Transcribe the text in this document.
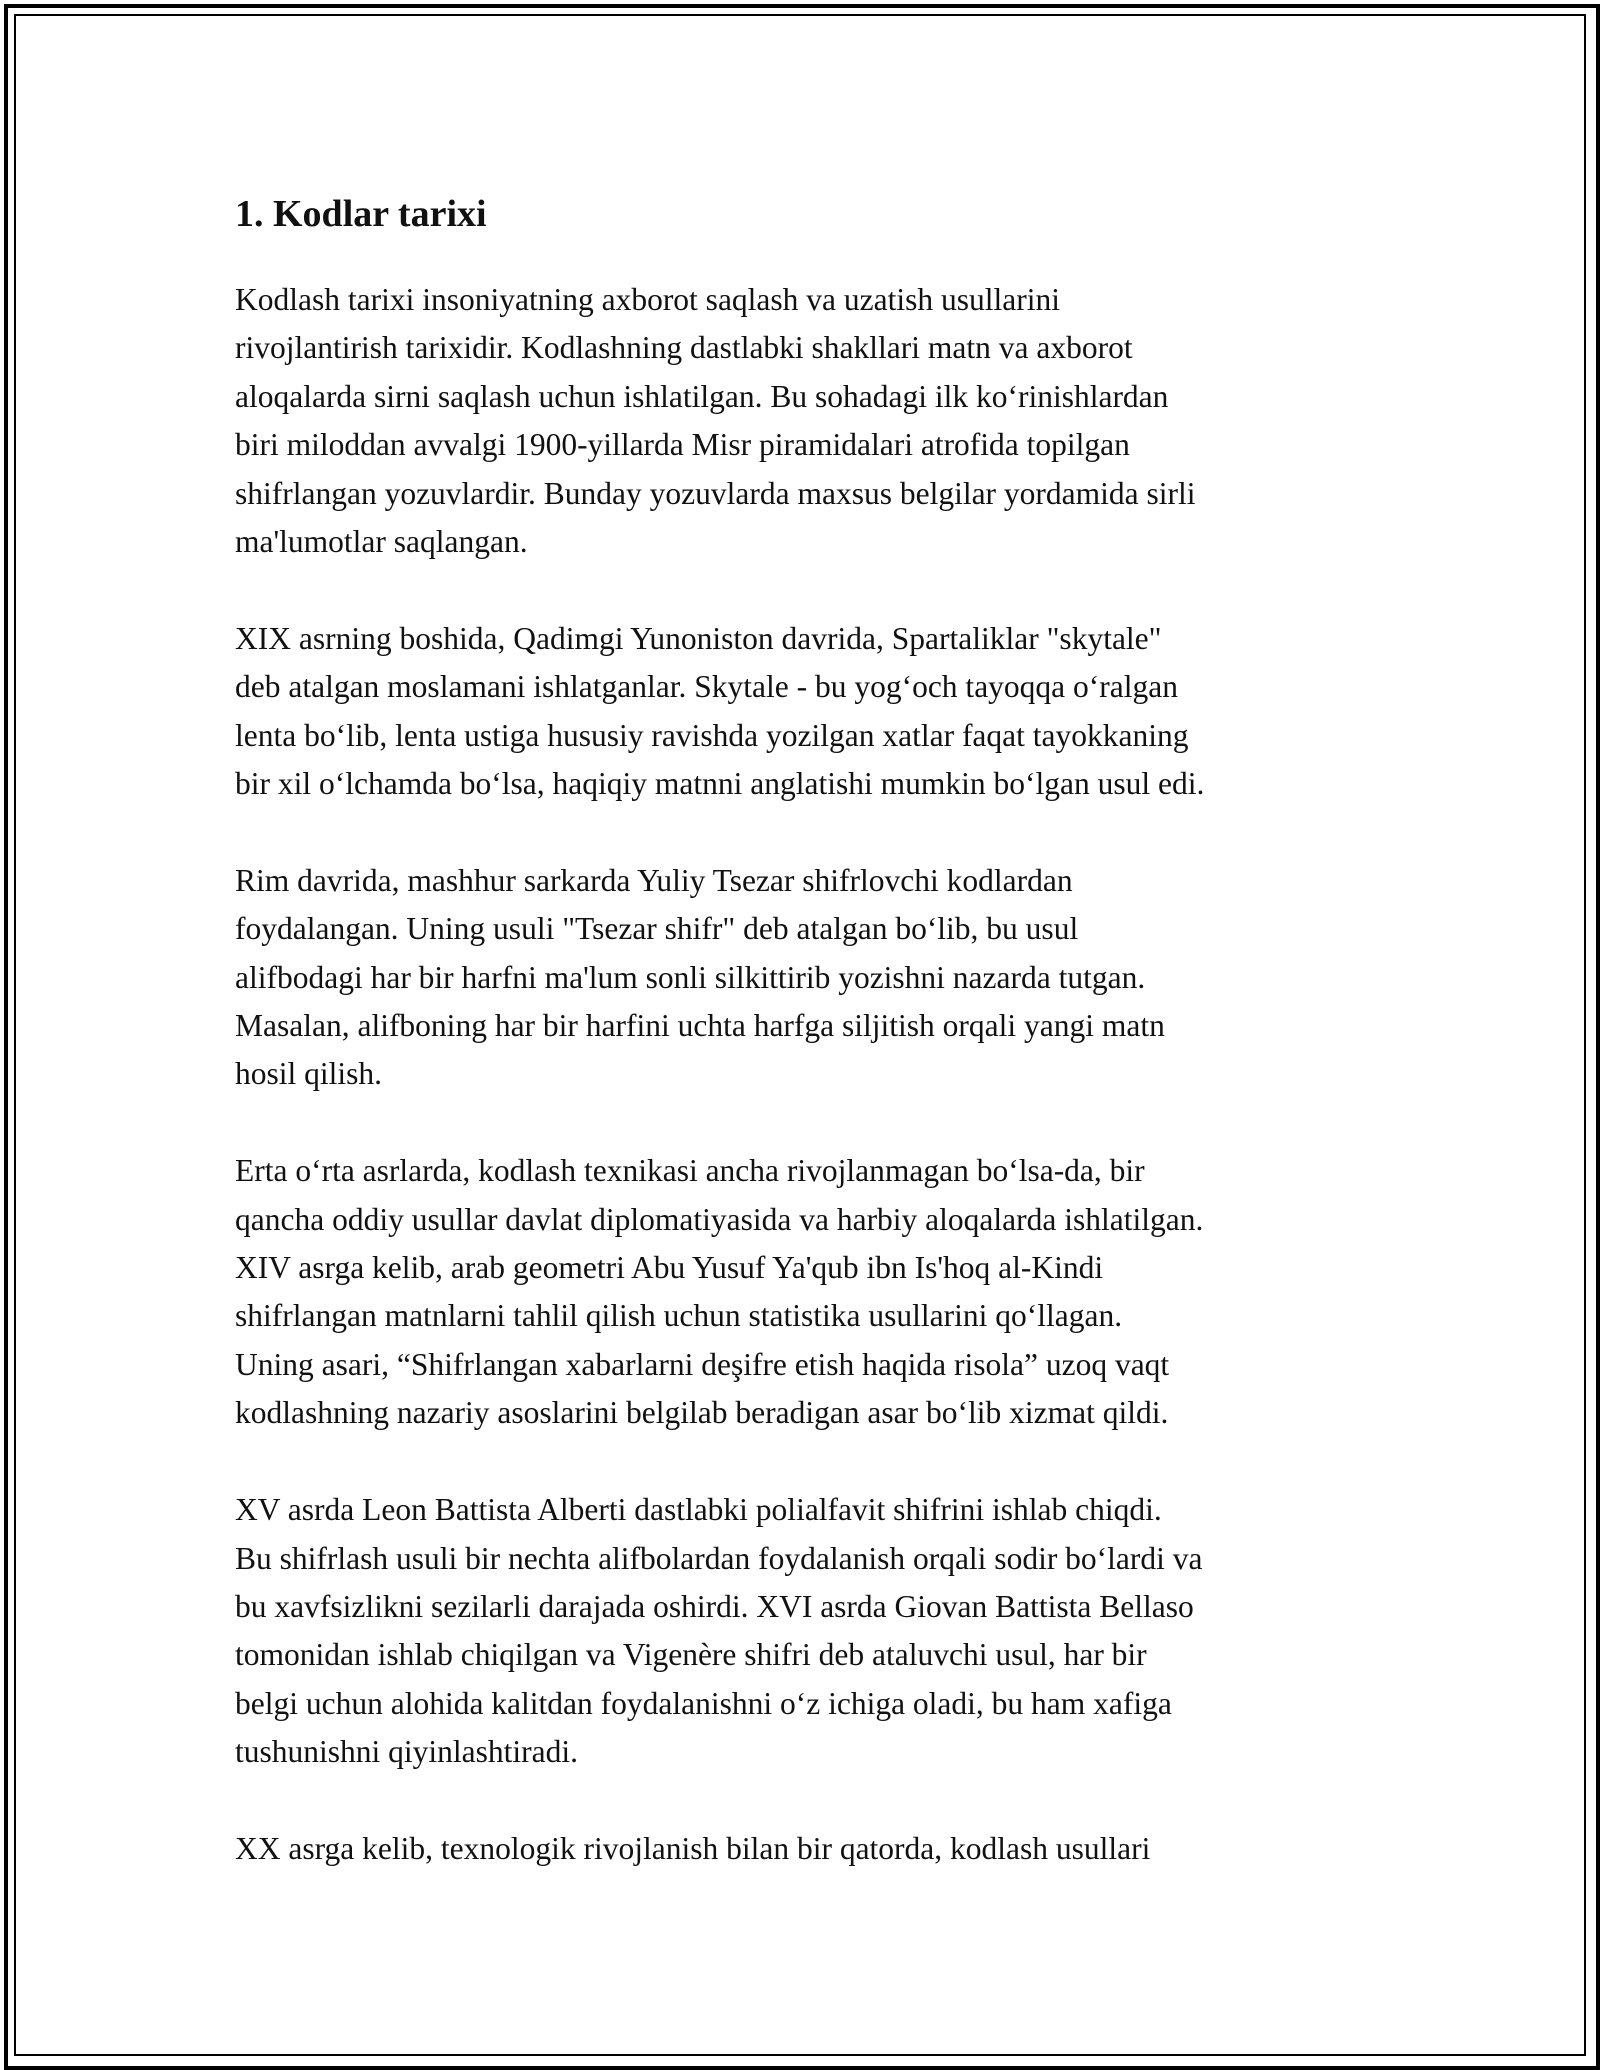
1. Kodlar tarixi

Kodlash tarixi insoniyatning axborot saqlash va uzatish usullarini
rivojlantirish tarixidir. Kodlashning dastlabki shakllari matn va axborot
aloqalarda sirni saqlash uchun ishlatilgan. Bu sohadagi ilk koʻrinishlardan
biri miloddan avvalgi 1900-yillarda Misr piramidalari atrofida topilgan
shifrlangan yozuvlardir. Bunday yozuvlarda maxsus belgilar yordamida sirli
ma'lumotlar saqlangan.

XIX asrning boshida, Qadimgi Yunoniston davrida, Spartaliklar "skytale"
deb atalgan moslamani ishlatganlar. Skytale - bu yogʻoch tayoqqa oʻralgan
lenta boʻlib, lenta ustiga hususiy ravishda yozilgan xatlar faqat tayokkaning
bir xil oʻlchamda boʻlsa, haqiqiy matnni anglatishi mumkin boʻlgan usul edi.

Rim davrida, mashhur sarkarda Yuliy Tsezar shifrlovchi kodlardan
foydalangan. Uning usuli "Tsezar shifr" deb atalgan boʻlib, bu usul
alifbodagi har bir harfni ma'lum sonli silkittirib yozishni nazarda tutgan.
Masalan, alifboning har bir harfini uchta harfga siljitish orqali yangi matn
hosil qilish.

Erta oʻrta asrlarda, kodlash texnikasi ancha rivojlanmagan boʻlsa-da, bir
qancha oddiy usullar davlat diplomatiyasida va harbiy aloqalarda ishlatilgan.
XIV asrga kelib, arab geometri Abu Yusuf Ya'qub ibn Is'hoq al-Kindi
shifrlangan matnlarni tahlil qilish uchun statistika usullarini qoʻllagan.
Uning asari, “Shifrlangan xabarlarni deşifre etish haqida risola” uzoq vaqt
kodlashning nazariy asoslarini belgilab beradigan asar boʻlib xizmat qildi.

XV asrda Leon Battista Alberti dastlabki polialfavit shifrini ishlab chiqdi.
Bu shifrlash usuli bir nechta alifbolardan foydalanish orqali sodir boʻlardi va
bu xavfsizlikni sezilarli darajada oshirdi. XVI asrda Giovan Battista Bellaso
tomonidan ishlab chiqilgan va Vigenère shifri deb ataluvchi usul, har bir
belgi uchun alohida kalitdan foydalanishni oʻz ichiga oladi, bu ham xafiga
tushunishni qiyinlashtiradi.

XX asrga kelib, texnologik rivojlanish bilan bir qatorda, kodlash usullari
